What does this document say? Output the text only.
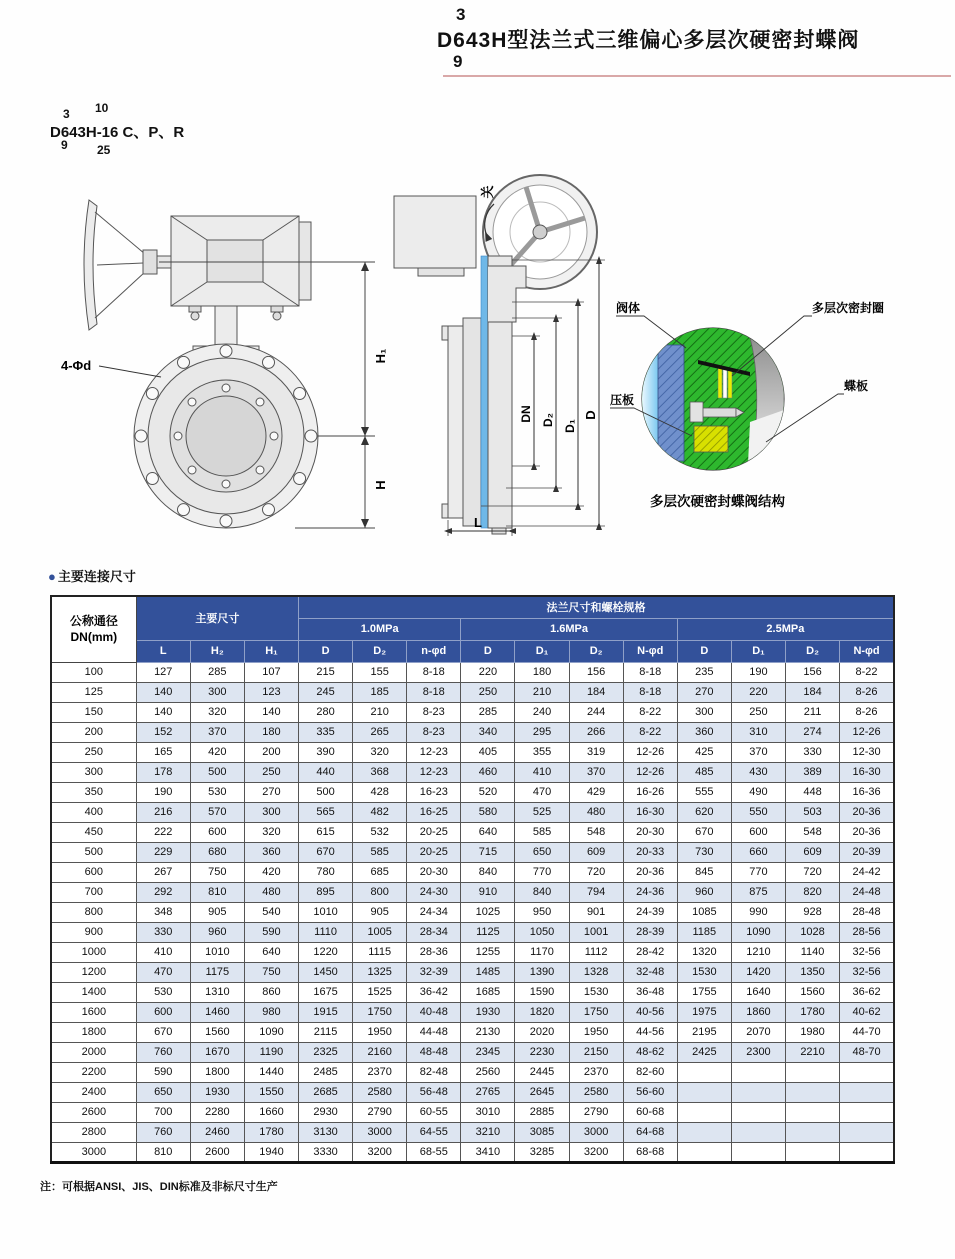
3
D643H型法兰式三维偏心多层次硬密封蝶阀
9
D643H-16 C、P、R
3
9
10
25
4-Φd
H₁
H
关
DN D₂ D₁
D
L
阀体	多层次密封圈
压板
蝶板
多层次硬密封蝶阀结构
● 主要连接尺寸
公称通径
DN(mm)	主要尺寸			法兰尺寸和螺栓规格										
				1.0MPa			1.6MPa				2.5MPa			
	L	H₂	H₁	D	D₂	n-φd	D	D₁	D₂	N-φd	D	D₁	D₂	N-φd
100	127	285	107	215	155	8-18	220	180	156	8-18	235	190	156	8-22
125	140	300	123	245	185	8-18	250	210	184	8-18	270	220	184	8-26
150	140	320	140	280	210	8-23	285	240	244	8-22	300	250	211	8-26
200	152	370	180	335	265	8-23	340	295	266	8-22	360	310	274	12-26
250	165	420	200	390	320	12-23	405	355	319	12-26	425	370	330	12-30
300	178	500	250	440	368	12-23	460	410	370	12-26	485	430	389	16-30
350	190	530	270	500	428	16-23	520	470	429	16-26	555	490	448	16-36
400	216	570	300	565	482	16-25	580	525	480	16-30	620	550	503	20-36
450	222	600	320	615	532	20-25	640	585	548	20-30	670	600	548	20-36
500	229	680	360	670	585	20-25	715	650	609	20-33	730	660	609	20-39
600	267	750	420	780	685	20-30	840	770	720	20-36	845	770	720	24-42
700	292	810	480	895	800	24-30	910	840	794	24-36	960	875	820	24-48
800	348	905	540	1010	905	24-34	1025	950	901	24-39	1085	990	928	28-48
900	330	960	590	1110	1005	28-34	1125	1050	1001	28-39	1185	1090	1028	28-56
1000	410	1010	640	1220	1115	28-36	1255	1170	1112	28-42	1320	1210	1140	32-56
1200	470	1175	750	1450	1325	32-39	1485	1390	1328	32-48	1530	1420	1350	32-56
1400	530	1310	860	1675	1525	36-42	1685	1590	1530	36-48	1755	1640	1560	36-62
1600	600	1460	980	1915	1750	40-48	1930	1820	1750	40-56	1975	1860	1780	40-62
1800	670	1560	1090	2115	1950	44-48	2130	2020	1950	44-56	2195	2070	1980	44-70
2000	760	1670	1190	2325	2160	48-48	2345	2230	2150	48-62	2425	2300	2210	48-70
2200	590	1800	1440	2485	2370	82-48	2560	2445	2370	82-60				
2400	650	1930	1550	2685	2580	56-48	2765	2645	2580	56-60				
2600	700	2280	1660	2930	2790	60-55	3010	2885	2790	60-68				
2800	760	2460	1780	3130	3000	64-55	3210	3085	3000	64-68				
3000	810	2600	1940	3330	3200	68-55	3410	3285	3200	68-68				
注：可根据ANSI、JIS、DIN标准及非标尺寸生产
